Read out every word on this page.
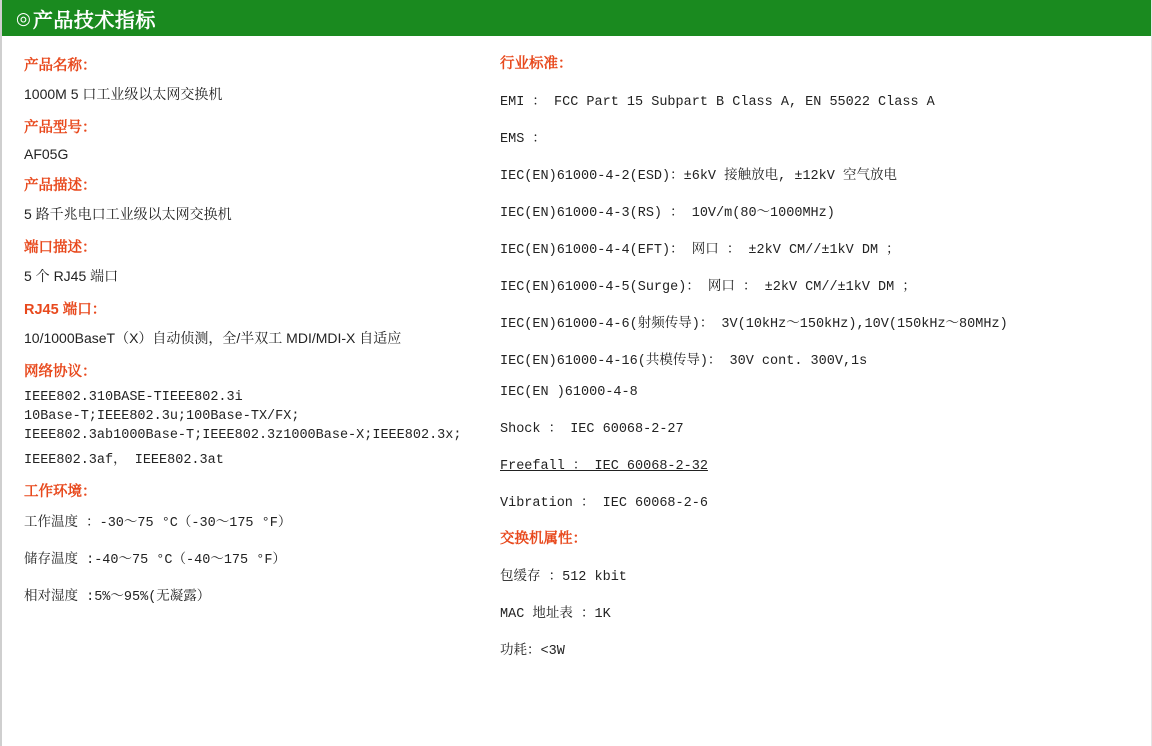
◎ 产品技术指标
产品名称：
1000M 5 口工业级以太网交换机
产品型号：
AF05G
产品描述：
5 路千兆电口工业级以太网交换机
端口描述：
5 个 RJ45 端口
RJ45 端口：
10/1000BaseT（X）自动侦测，全/半双工 MDI/MDI-X 自适应
网络协议：
IEEE802.310BASE-TIEEE802.3i
10Base-T;IEEE802.3u;100Base-TX/FX;
IEEE802.3ab1000Base-T;IEEE802.3z1000Base-X;IEEE802.3x;
IEEE802.3af， IEEE802.3at
工作环境：
工作温度 ：-30～75 °C（-30～175 °F）
储存温度 :-40～75 °C（-40～175 °F）
相对湿度 :5%～95%(无凝露）
行业标准：
EMI ： FCC Part 15 Subpart B Class A, EN 55022 Class A
EMS ：
IEC(EN)61000-4-2(ESD)：±6kV 接触放电, ±12kV 空气放电
IEC(EN)61000-4-3(RS) ： 10V/m(80～1000MHz)
IEC(EN)61000-4-4(EFT)： 网口 ： ±2kV CM//±1kV DM ；
IEC(EN)61000-4-5(Surge)： 网口 ： ±2kV CM//±1kV DM ；
IEC(EN)61000-4-6(射频传导)： 3V(10kHz～150kHz),10V(150kHz～80MHz)
IEC(EN)61000-4-16(共模传导)： 30V cont. 300V,1s
IEC(EN )61000-4-8
Shock ： IEC 60068-2-27
Freefall ： IEC 60068-2-32
Vibration ： IEC 60068-2-6
交换机属性：
包缓存 ：512 kbit
MAC 地址表 ：1K
功耗：<3W
